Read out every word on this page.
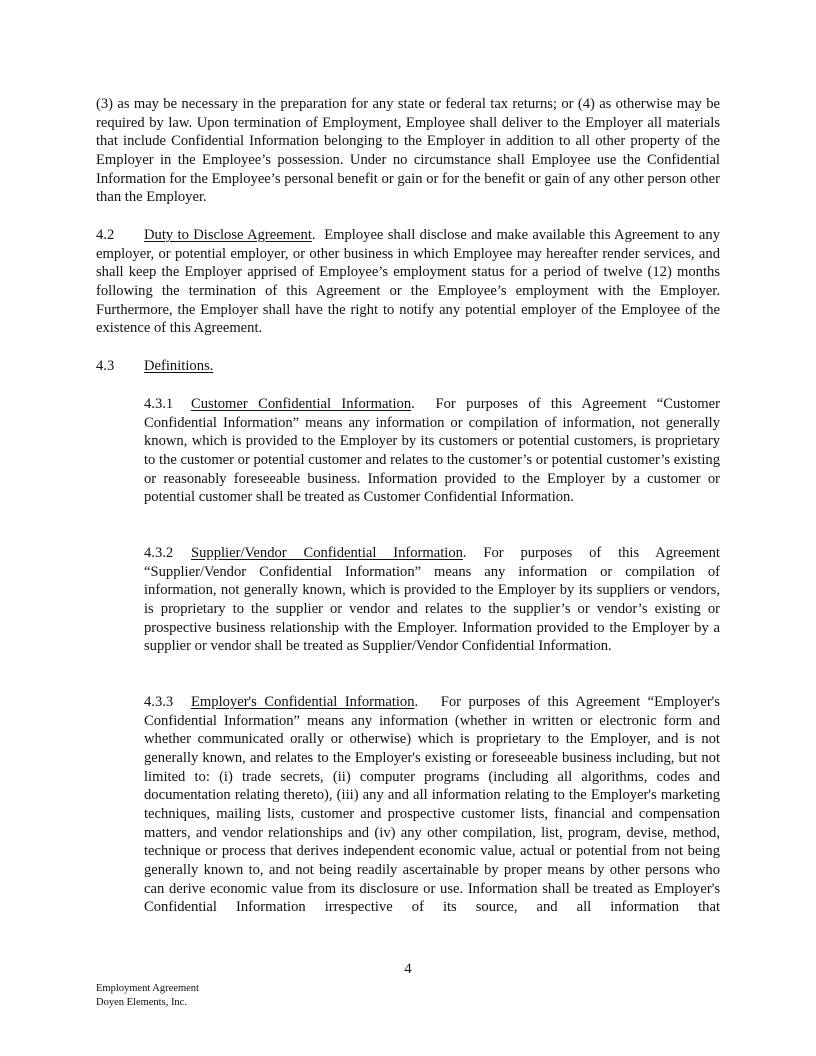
(3) as may be necessary in the preparation for any state or federal tax returns; or (4) as otherwise may be required by law. Upon termination of Employment, Employee shall deliver to the Employer all materials that include Confidential Information belonging to the Employer in addition to all other property of the Employer in the Employee’s possession. Under no circumstance shall Employee use the Confidential Information for the Employee’s personal benefit or gain or for the benefit or gain of any other person other than the Employer.

4.2 Duty to Disclose Agreement.  Employee shall disclose and make available this Agreement to any employer, or potential employer, or other business in which Employee may hereafter render services, and shall keep the Employer apprised of Employee’s employment status for a period of twelve (12) months following the termination of this Agreement or the Employee’s employment with the Employer. Furthermore, the Employer shall have the right to notify any potential employer of the Employee of the existence of this Agreement.

4.3 Definitions.

4.3.1 Customer Confidential Information.  For purposes of this Agreement “Customer Confidential Information” means any information or compilation of information, not generally known, which is provided to the Employer by its customers or potential customers, is proprietary to the customer or potential customer and relates to the customer’s or potential customer’s existing or reasonably foreseeable business. Information provided to the Employer by a customer or potential customer shall be treated as Customer Confidential Information.

4.3.2 Supplier/Vendor Confidential Information. For purposes of this Agreement “Supplier/Vendor Confidential Information” means any information or compilation of information, not generally known, which is provided to the Employer by its suppliers or vendors, is proprietary to the supplier or vendor and relates to the supplier’s or vendor’s existing or prospective business relationship with the Employer. Information provided to the Employer by a supplier or vendor shall be treated as Supplier/Vendor Confidential Information.

4.3.3 Employer's Confidential Information.   For purposes of this Agreement “Employer's Confidential Information” means any information (whether in written or electronic form and whether communicated orally or otherwise) which is proprietary to the Employer, and is not generally known, and relates to the Employer's existing or foreseeable business including, but not limited to: (i) trade secrets, (ii) computer programs (including all algorithms, codes and documentation relating thereto), (iii) any and all information relating to the Employer's marketing techniques, mailing lists, customer and prospective customer lists, financial and compensation matters, and vendor relationships and (iv) any other compilation, list, program, devise, method, technique or process that derives independent economic value, actual or potential from not being generally known to, and not being readily ascertainable by proper means by other persons who can derive economic value from its disclosure or use. Information shall be treated as Employer's Confidential Information irrespective of its source, and all information that

4
Employment Agreement
Doyen Elements, Inc.
